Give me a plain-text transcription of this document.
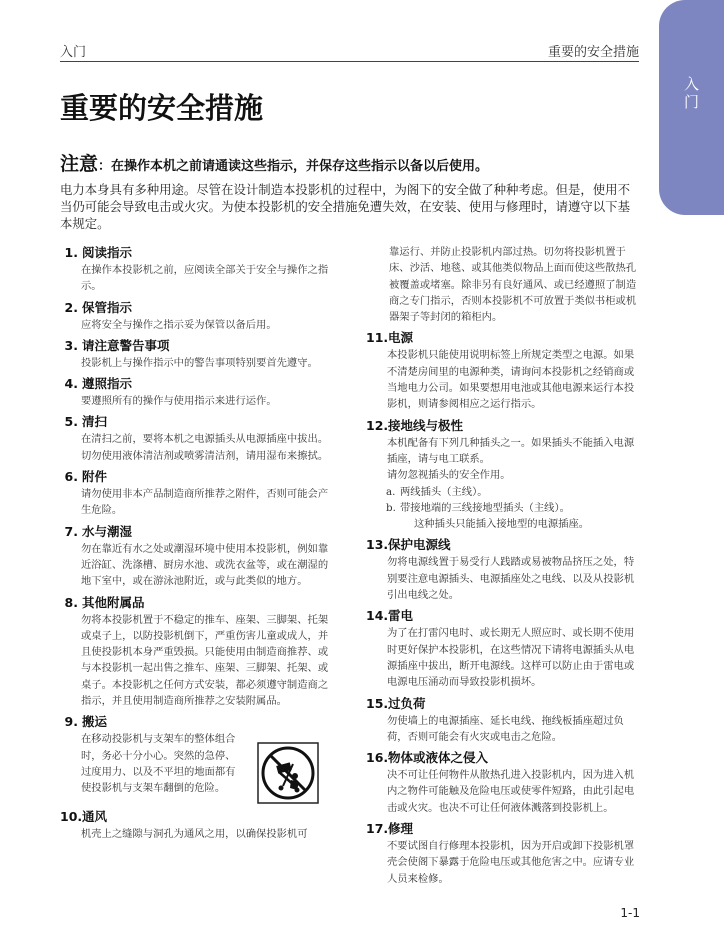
入门
入门	重要的安全措施
重要的安全措施
注意：在操作本机之前请通读这些指示，并保存这些指示以备以后使用。
电力本身具有多种用途。尽管在设计制造本投影机的过程中，为阁下的安全做了种种考虑。但是，使用不当仍可能会导致电击或火灾。为使本投影机的安全措施免遭失效，在安装、使用与修理时，请遵守以下基本规定。
1. 阅读指示
在操作本投影机之前，应阅读全部关于安全与操作之指示。
2. 保管指示
应将安全与操作之指示妥为保管以备后用。
3. 请注意警告事项
投影机上与操作指示中的警告事项特别要首先遵守。
4. 遵照指示
要遵照所有的操作与使用指示来进行运作。
5. 清扫
在清扫之前，要将本机之电源插头从电源插座中拔出。切勿使用液体清洁剂或喷雾清洁剂，请用湿布来擦拭。
6. 附件
请勿使用非本产品制造商所推荐之附件，否则可能会产生危险。
7. 水与潮湿
勿在靠近有水之处或潮湿环境中使用本投影机，例如靠近浴缸、洗涤槽、厨房水池、或洗衣盆等，或在潮湿的地下室中，或在游泳池附近，或与此类似的地方。
8. 其他附属品
勿将本投影机置于不稳定的推车、座架、三脚架、托架或桌子上，以防投影机倒下，严重伤害儿童或成人，并且使投影机本身严重毁损。只能使用由制造商推荐、或与本投影机一起出售之推车、座架、三脚架、托架、或桌子。本投影机之任何方式安装，都必须遵守制造商之指示，并且使用制造商所推荐之安装附属品。
9. 搬运
在移动投影机与支架车的整体组合时，务必十分小心。突然的急停、过度用力、以及不平坦的地面都有使投影机与支架车翻倒的危险。
10. 通风
机壳上之缝隙与洞孔为通风之用，以确保投影机可
靠运行、并防止投影机内部过热。切勿将投影机置于床、沙活、地毯、或其他类似物品上面而使这些散热孔被覆盖或堵塞。除非另有良好通风、或已经遵照了制造商之专门指示，否则本投影机不可放置于类似书柜或机器架子等封闭的箱柜内。
11. 电源
本投影机只能使用说明标签上所规定类型之电源。如果不清楚房间里的电源种类，请询问本投影机之经销商或当地电力公司。如果要想用电池或其他电源来运行本投影机，则请参阅相应之运行指示。
12. 接地线与极性
本机配备有下列几种插头之一。如果插头不能插入电源插座，请与电工联系。
请勿忽视插头的安全作用。
a. 两线插头（主线）。
b. 带接地端的三线接地型插头（主线）。
这种插头只能插入接地型的电源插座。
13. 保护电源线
勿将电源线置于易受行人践踏或易被物品挤压之处，特别要注意电源插头、电源插座处之电线、以及从投影机引出电线之处。
14. 雷电
为了在打雷闪电时、或长期无人照应时、或长期不使用时更好保护本投影机，在这些情况下请将电源插头从电源插座中拔出，断开电源线。这样可以防止由于雷电或电源电压涌动而导致投影机损坏。
15. 过负荷
勿使墙上的电源插座、延长电线、拖线板插座超过负荷，否则可能会有火灾或电击之危险。
16. 物体或液体之侵入
决不可让任何物件从散热孔进入投影机内，因为进入机内之物件可能触及危险电压或使零件短路，由此引起电击或火灾。也决不可让任何液体溅落到投影机上。
17. 修理
不要试图自行修理本投影机，因为开启或卸下投影机罩壳会使阁下暴露于危险电压或其他危害之中。应请专业人员来检修。
1-1
